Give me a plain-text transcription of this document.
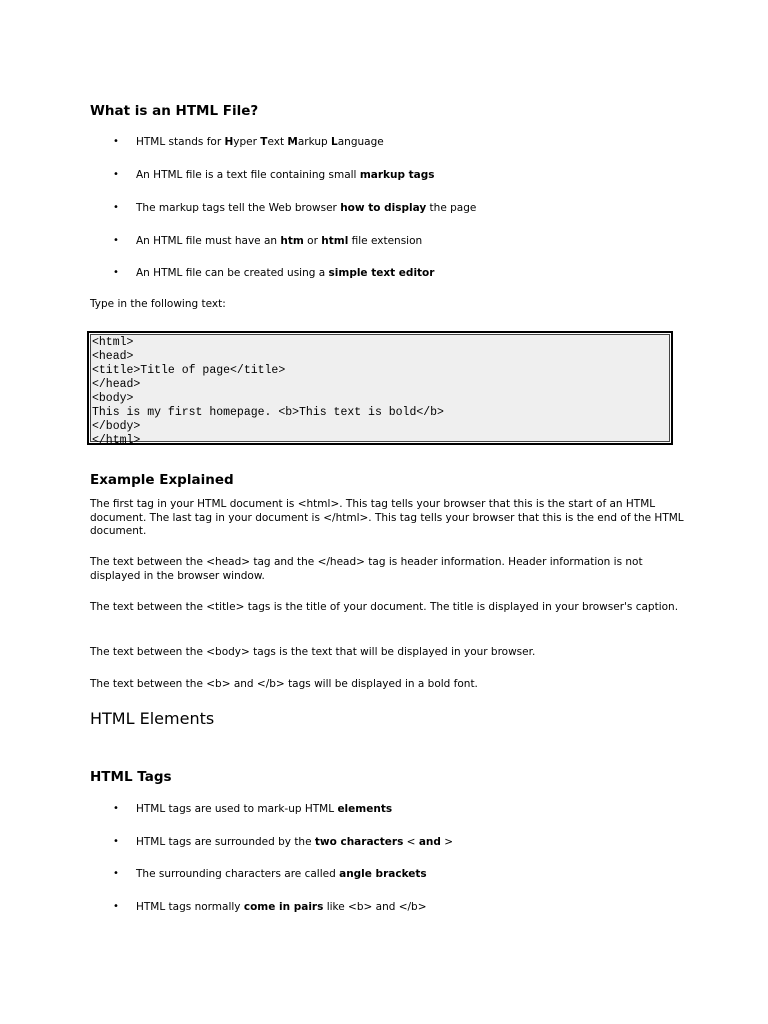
What is an HTML File?
• HTML stands for Hyper Text Markup Language
• An HTML file is a text file containing small markup tags
• The markup tags tell the Web browser how to display the page
• An HTML file must have an htm or html file extension
• An HTML file can be created using a simple text editor

Type in the following text:

<html>
<head>
<title>Title of page</title>
</head>
<body>
This is my first homepage. <b>This text is bold</b>
</body>
</html>
Example Explained

The first tag in your HTML document is <html>. This tag tells your browser that this is the start of an HTML document. The last tag in your document is </html>. This tag tells your browser that this is the end of the HTML document.

The text between the <head> tag and the </head> tag is header information. Header information is not displayed in the browser window.

The text between the <title> tags is the title of your document. The title is displayed in your browser's caption.

The text between the <body> tags is the text that will be displayed in your browser.

The text between the <b> and </b> tags will be displayed in a bold font.

HTML Elements
HTML Tags
• HTML tags are used to mark-up HTML elements
• HTML tags are surrounded by the two characters < and >
• The surrounding characters are called angle brackets
• HTML tags normally come in pairs like <b> and </b>
